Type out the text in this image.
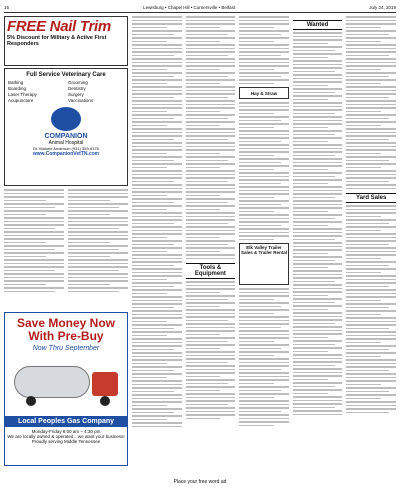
16	Lewisburg • Chapel Hill • Cornersville • Belfast	July 24, 2019
FREE Nail Trim
5% Discount for Military & Active First Responders
Full Service Veterinary Care
Bathing	Grooming
Boarding	Dentistry
Laser Therapy	Surgery
Acupuncture	Vaccinations
COMPANION
Animal Hospital
Dr. Malorie Anderson (931) 359-6376
www.CompanionVetTN.com
Save Money Now With Pre-Buy
Now Thru September
Local Peoples Gas Company
Monday-Friday 8:00 am – 4:30 pm
We are locally owned & operated…we want your business!
Proudly serving Middle Tennessee
Tools & Equipment
Hay & Straw
Elk Valley Trailer Sales & Trailer Rental
Wanted
Yard Sales
Place your free word ad
